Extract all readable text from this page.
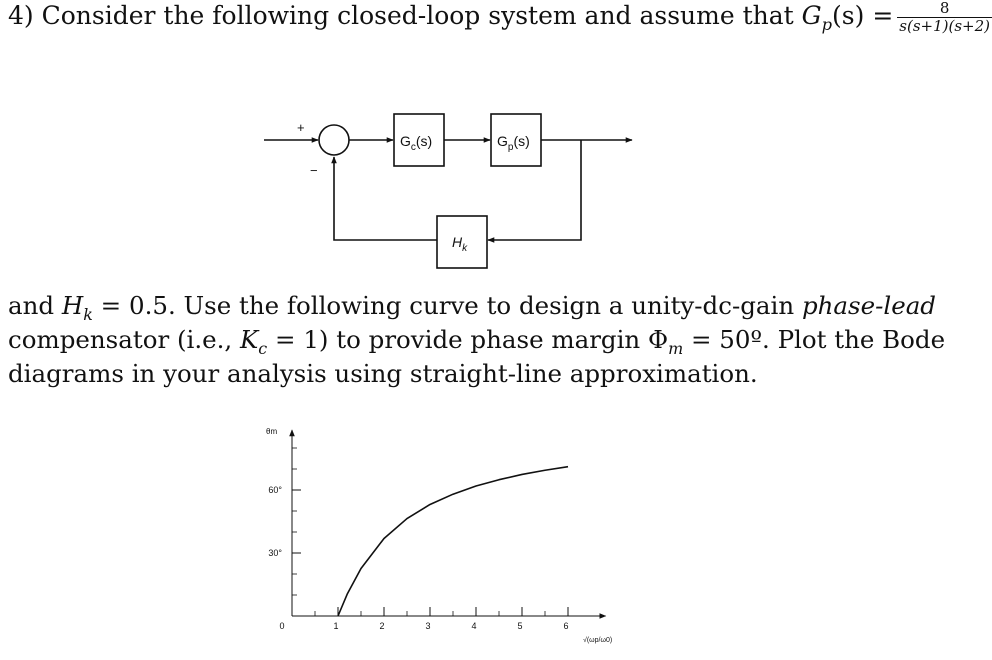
4) Consider the following closed-loop system and assume that $G_p(s) = \frac{8}{s(s+1)(s+2)}$
+
−
$G_c(s)$	$G_p(s)$
$H_k$
and $H_k = 0.5$. Use the following curve to design a unity-dc-gain phase-lead
compensator (i.e., $K_c = 1$) to provide phase margin $\Phi_m$ = 50º. Plot the Bode
diagrams in your analysis using straight-line approximation.
60°
30°
0	1	2	3	4	5	6
θm
√(ωp/ω0)
